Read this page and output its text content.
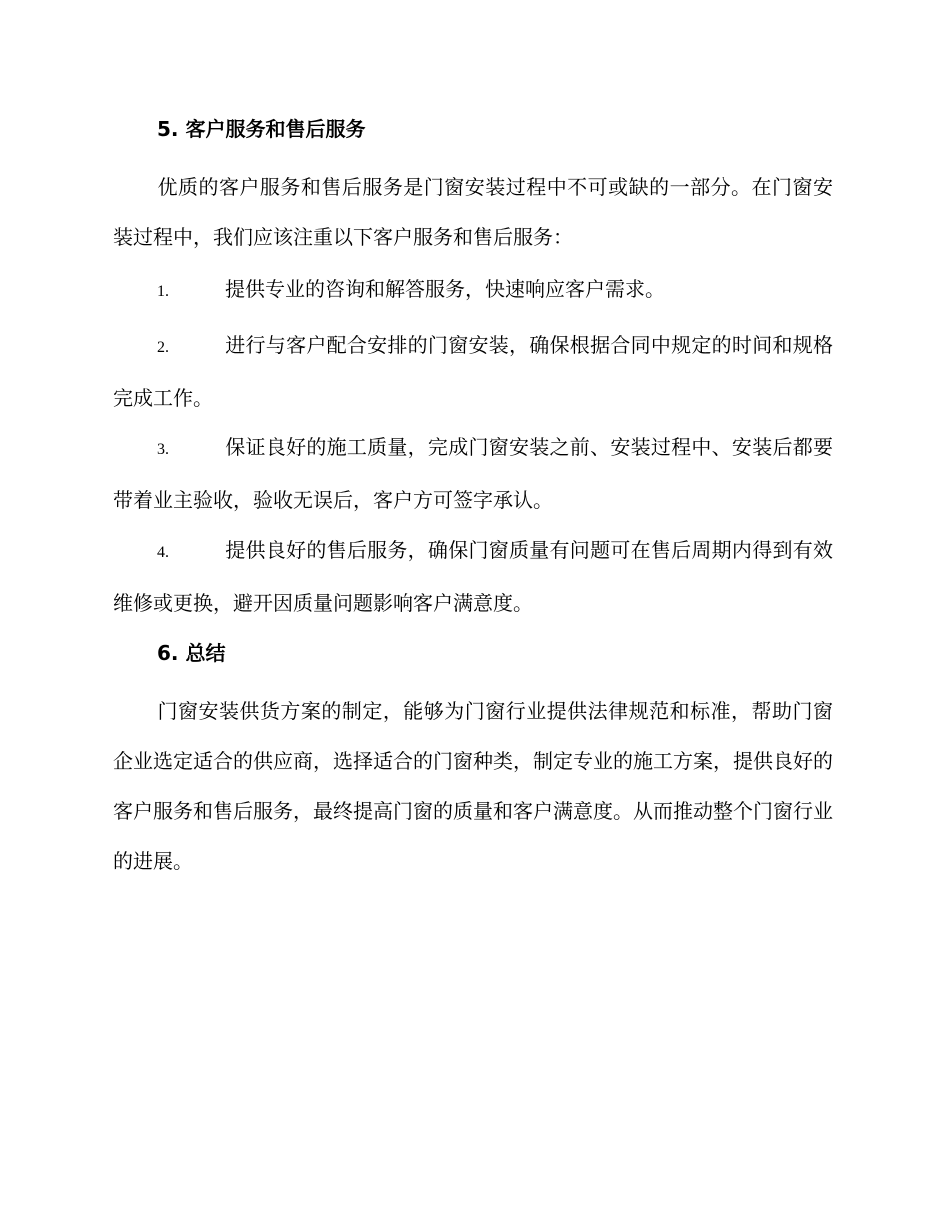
5. 客户服务和售后服务
优质的客户服务和售后服务是门窗安装过程中不可或缺的一部分。在门窗安装过程中，我们应该注重以下客户服务和售后服务：
1.	提供专业的咨询和解答服务，快速响应客户需求。
2.	进行与客户配合安排的门窗安装，确保根据合同中规定的时间和规格完成工作。
3.	保证良好的施工质量，完成门窗安装之前、安装过程中、安装后都要带着业主验收，验收无误后，客户方可签字承认。
4.	提供良好的售后服务，确保门窗质量有问题可在售后周期内得到有效维修或更换，避开因质量问题影响客户满意度。
6. 总结
门窗安装供货方案的制定，能够为门窗行业提供法律规范和标准，帮助门窗企业选定适合的供应商，选择适合的门窗种类，制定专业的施工方案，提供良好的客户服务和售后服务，最终提高门窗的质量和客户满意度。从而推动整个门窗行业的进展。
